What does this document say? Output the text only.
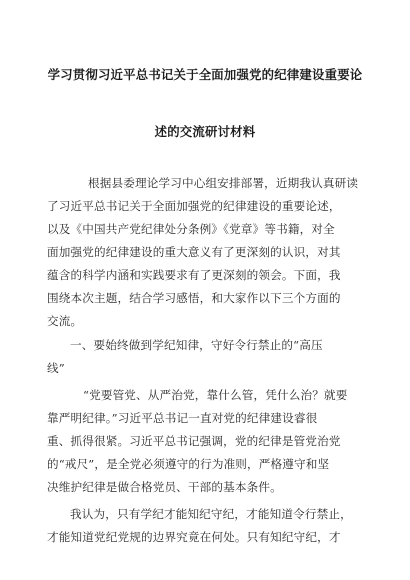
学习贯彻习近平总书记关于全面加强党的纪律建设重要论
述的交流研讨材料
根据县委理论学习中心组安排部署，近期我认真研读
了习近平总书记关于全面加强党的纪律建设的重要论述，
以及《中国共产党纪律处分条例》《党章》等书籍，对全
面加强党的纪律建设的重大意义有了更深刻的认识，对其
蕴含的科学内涵和实践要求有了更深刻的领会。下面，我
围绕本次主题，结合学习感悟，和大家作以下三个方面的
交流。
一、要始终做到学纪知律，守好令行禁止的“高压
线”
“党要管党、从严治党，靠什么管，凭什么治？就要
靠严明纪律。”习近平总书记一直对党的纪律建设睿很
重、抓得很紧。习近平总书记强调，党的纪律是管党治党
的“戒尺”，是全党必须遵守的行为准则，严格遵守和坚
决维护纪律是做合格党员、干部的基本条件。
我认为，只有学纪才能知纪守纪，才能知道令行禁止，
才能知道党纪党规的边界究竟在何处。只有知纪守纪，才
